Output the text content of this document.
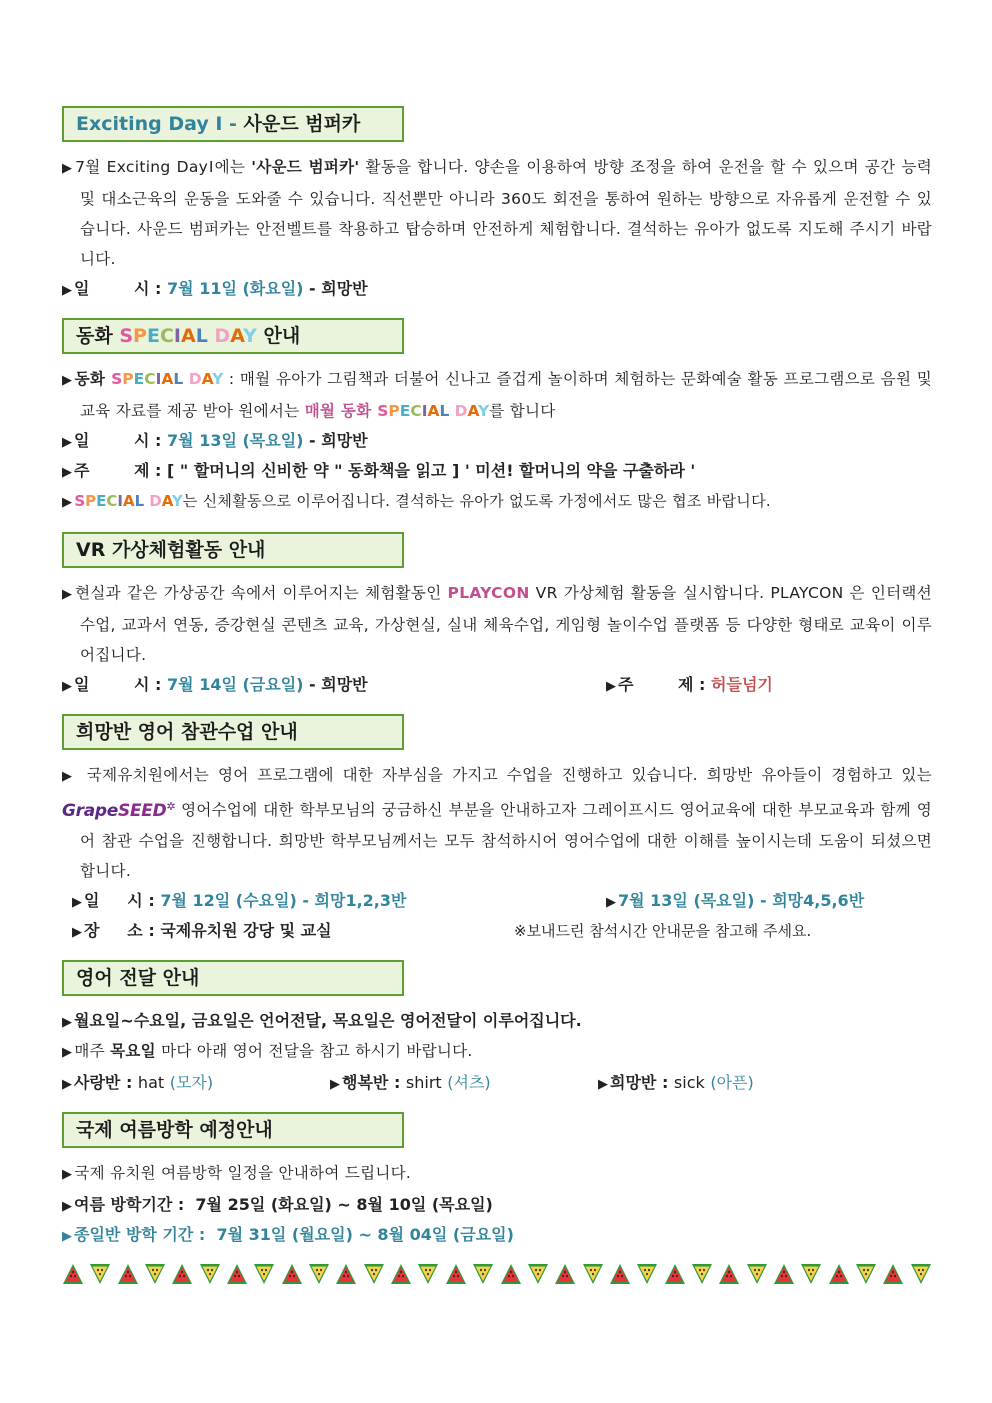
Exciting Day Ⅰ - 사운드 범퍼카
▶ 7월 Exciting DayⅠ에는 '사운드 범퍼카' 활동을 합니다. 양손을 이용하여 방향 조정을 하여 운전을 할 수 있으며 공간 능력 및 대소근육의 운동을 도와줄 수 있습니다. 직선뿐만 아니라 360도 회전을 통하여 원하는 방향으로 자유롭게 운전할 수 있습니다. 사운드 범퍼카는 안전벨트를 착용하고 탑승하며 안전하게 체험합니다. 결석하는 유아가 없도록 지도해 주시기 바랍니다.
▶ 일        시 : 7월 11일 (화요일) - 희망반
동화 SPECIAL DAY 안내
▶ 동화 SPECIAL DAY : 매월 유아가 그림책과 더불어 신나고 즐겁게 놀이하며 체험하는 문화예술 활동 프로그램으로 음원 및 교육 자료를 제공 받아 원에서는 매월 동화 SPECIAL DAY를 합니다
▶ 일        시 : 7월 13일 (목요일) - 희망반
▶ 주        제 : [ " 할머니의 신비한 약 " 동화책을 읽고 ] ' 미션! 할머니의 약을 구출하라 '
▶ SPECIAL DAY는 신체활동으로 이루어집니다. 결석하는 유아가 없도록 가정에서도 많은 협조 바랍니다.
VR 가상체험활동 안내
▶ 현실과 같은 가상공간 속에서 이루어지는 체험활동인 PLAYCON VR 가상체험 활동을 실시합니다. PLAYCON 은 인터랙션수업, 교과서 연동, 증강현실 콘텐츠 교육, 가상현실, 실내 체육수업, 게임형 놀이수업 플랫폼 등 다양한 형태로 교육이 이루어집니다.
▶ 일        시 : 7월 14일 (금요일) - 희망반	▶ 주        제 : 허들넘기
희망반 영어 참관수업 안내
▶ 국제유치원에서는 영어 프로그램에 대한 자부심을 가지고 수업을 진행하고 있습니다. 희망반 유아들이 경험하고 있는 GrapeSEED✲ 영어수업에 대한 학부모님의 궁금하신 부분을 안내하고자 그레이프시드 영어교육에 대한 부모교육과 함께 영어 참관 수업을 진행합니다. 희망반 학부모님께서는 모두 참석하시어 영어수업에 대한 이해를 높이시는데 도움이 되셨으면 합니다.
▶ 일     시 : 7월 12일 (수요일) - 희망1,2,3반	▶ 7월 13일 (목요일) - 희망4,5,6반
▶ 장     소 : 국제유치원 강당 및 교실	※보내드린 참석시간 안내문을 참고해 주세요.
영어 전달 안내
▶ 월요일~수요일, 금요일은 언어전달, 목요일은 영어전달이 이루어집니다.
▶ 매주 목요일 마다 아래 영어 전달을 참고 하시기 바랍니다.
▶ 사랑반 : hat (모자)	▶ 행복반 : shirt (셔츠)	▶ 희망반 : sick (아픈)
국제 여름방학 예정안내
▶ 국제 유치원 여름방학 일정을 안내하여 드립니다.
▶ 여름 방학기간 :  7월 25일 (화요일) ~ 8월 10일 (목요일)
▶ 종일반 방학 기간 :  7월 31일 (월요일) ~ 8월 04일 (금요일)
